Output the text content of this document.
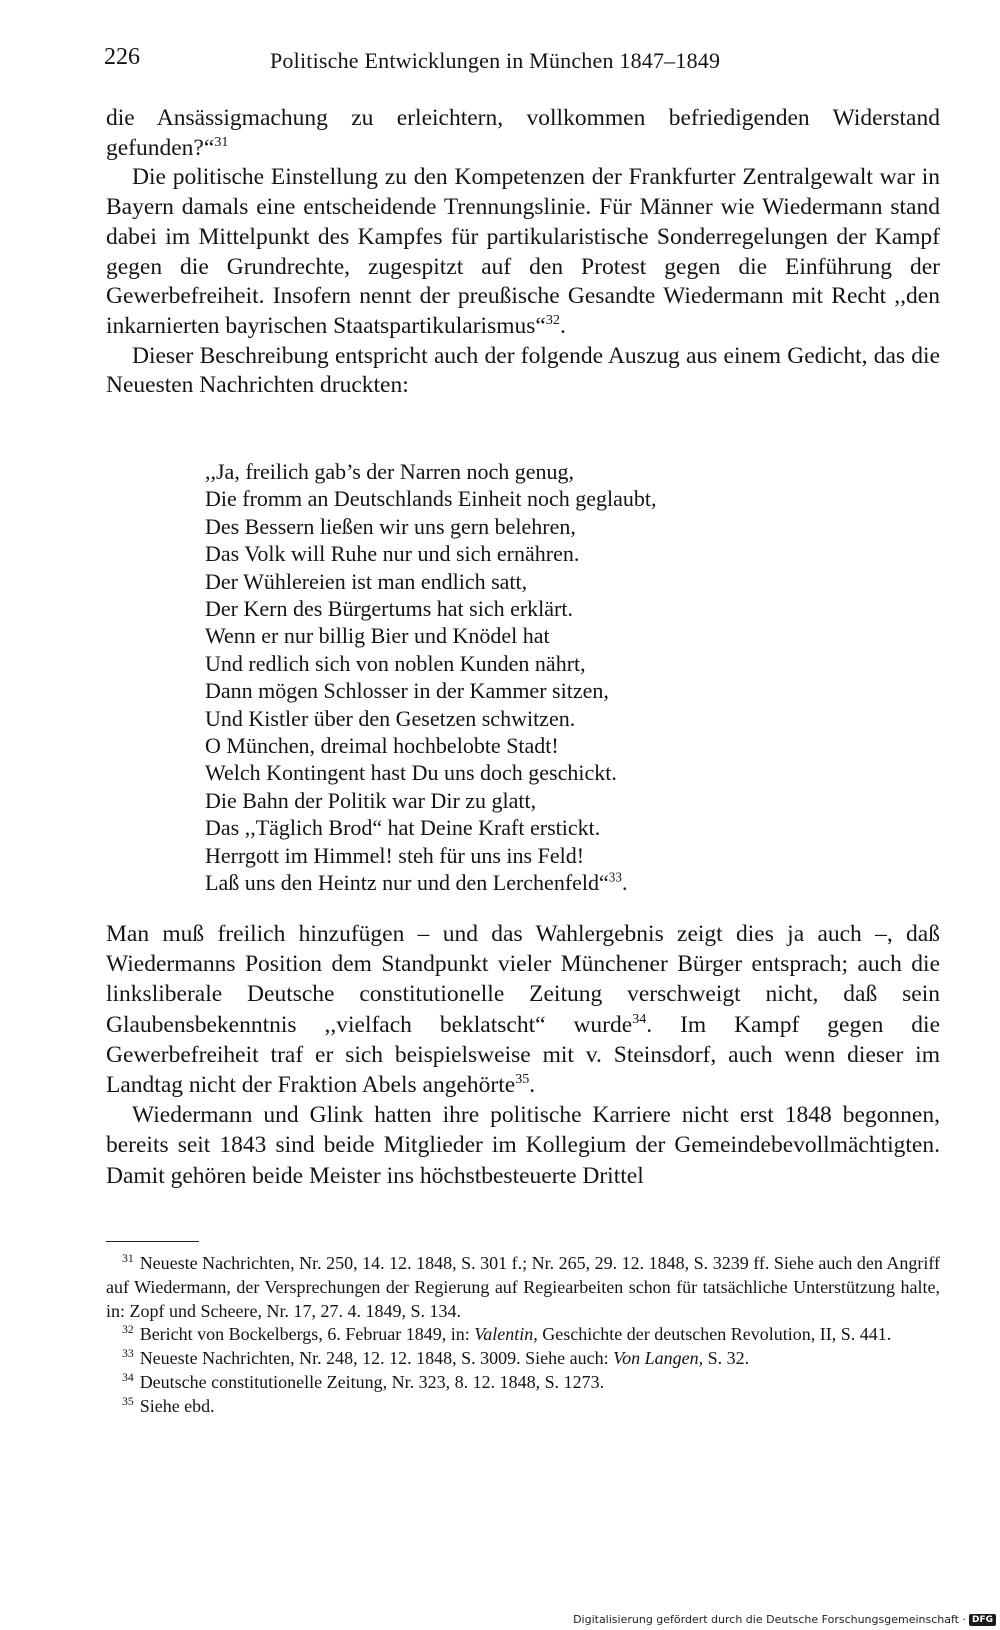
226	Politische Entwicklungen in München 1847–1849

die Ansässigmachung zu erleichtern, vollkommen befriedigenden Widerstand gefunden?“$^{31}$

Die politische Einstellung zu den Kompetenzen der Frankfurter Zentralgewalt war in Bayern damals eine entscheidende Trennungslinie. Für Männer wie Wiedermann stand dabei im Mittelpunkt des Kampfes für partikularistische Sonderregelungen der Kampf gegen die Grundrechte, zugespitzt auf den Protest gegen die Einführung der Gewerbefreiheit. Insofern nennt der preußische Gesandte Wiedermann mit Recht ,,den inkarnierten bayrischen Staatspartikularismus“$^{32}$.

Dieser Beschreibung entspricht auch der folgende Auszug aus einem Gedicht, das die Neuesten Nachrichten druckten:

,,Ja, freilich gab’s der Narren noch genug,
Die fromm an Deutschlands Einheit noch geglaubt,
Des Bessern ließen wir uns gern belehren,
Das Volk will Ruhe nur und sich ernähren.
Der Wühlereien ist man endlich satt,
Der Kern des Bürgertums hat sich erklärt.
Wenn er nur billig Bier und Knödel hat
Und redlich sich von noblen Kunden nährt,
Dann mögen Schlosser in der Kammer sitzen,
Und Kistler über den Gesetzen schwitzen.
O München, dreimal hochbelobte Stadt!
Welch Kontingent hast Du uns doch geschickt.
Die Bahn der Politik war Dir zu glatt,
Das ,,Täglich Brod“ hat Deine Kraft erstickt.
Herrgott im Himmel! steh für uns ins Feld!
Laß uns den Heintz nur und den Lerchenfeld“$^{33}$.

Man muß freilich hinzufügen – und das Wahlergebnis zeigt dies ja auch –, daß Wiedermanns Position dem Standpunkt vieler Münchener Bürger entsprach; auch die linksliberale Deutsche constitutionelle Zeitung verschweigt nicht, daß sein Glaubensbekenntnis ,,vielfach beklatscht“ wurde$^{34}$. Im Kampf gegen die Gewerbefreiheit traf er sich beispielsweise mit v. Steinsdorf, auch wenn dieser im Landtag nicht der Fraktion Abels angehörte$^{35}$.

Wiedermann und Glink hatten ihre politische Karriere nicht erst 1848 begonnen, bereits seit 1843 sind beide Mitglieder im Kollegium der Gemeindebevollmächtigten. Damit gehören beide Meister ins höchstbesteuerte Drittel

$^{31}$ Neueste Nachrichten, Nr. 250, 14. 12. 1848, S. 301 f.; Nr. 265, 29. 12. 1848, S. 3239 ff. Siehe auch den Angriff auf Wiedermann, der Versprechungen der Regierung auf Regiearbeiten schon für tatsächliche Unterstützung halte, in: Zopf und Scheere, Nr. 17, 27. 4. 1849, S. 134.
$^{32}$ Bericht von Bockelbergs, 6. Februar 1849, in: Valentin, Geschichte der deutschen Revolution, II, S. 441.
$^{33}$ Neueste Nachrichten, Nr. 248, 12. 12. 1848, S. 3009. Siehe auch: Von Langen, S. 32.
$^{34}$ Deutsche constitutionelle Zeitung, Nr. 323, 8. 12. 1848, S. 1273.
$^{35}$ Siehe ebd.
Digitalisierung gefördert durch die Deutsche Forschungsgemeinschaft · DFG
